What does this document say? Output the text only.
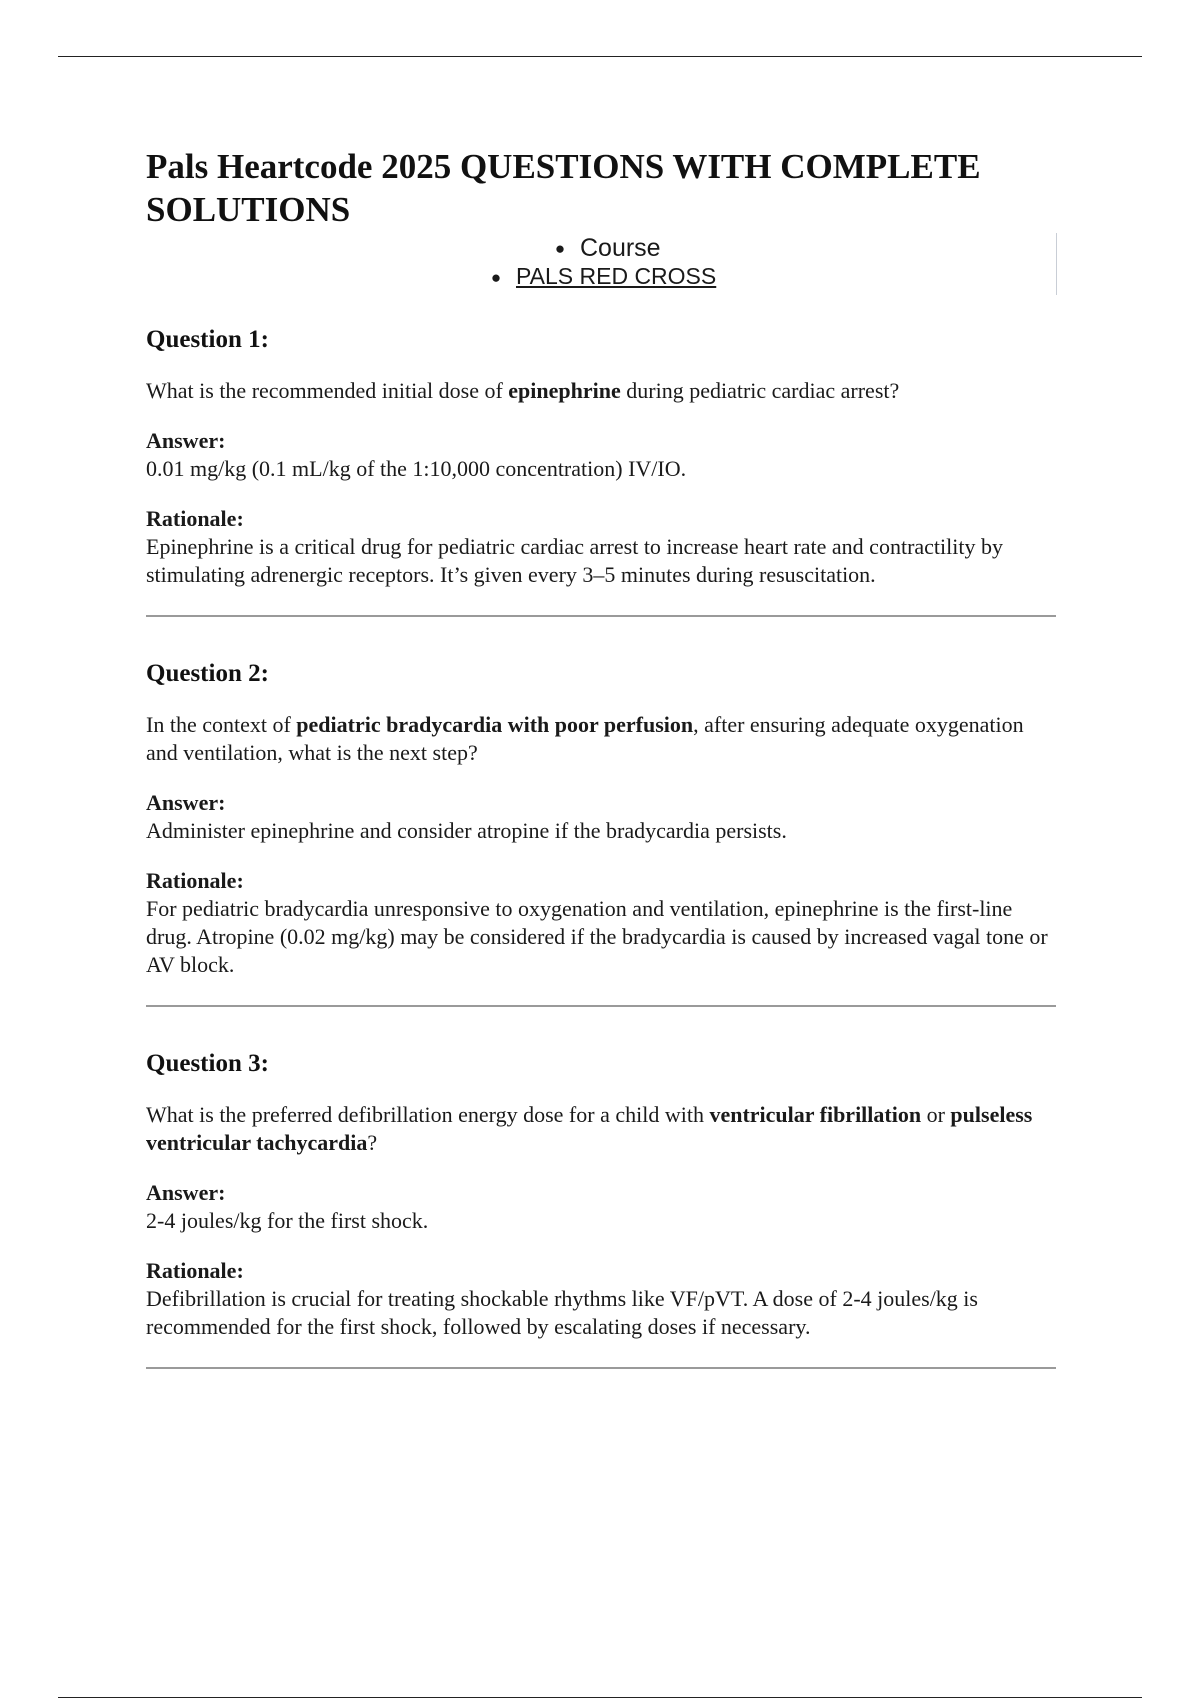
Pals Heartcode 2025 QUESTIONS WITH COMPLETE SOLUTIONS
● Course
● PALS RED CROSS
Question 1:

What is the recommended initial dose of epinephrine during pediatric cardiac arrest?

Answer:
0.01 mg/kg (0.1 mL/kg of the 1:10,000 concentration) IV/IO.

Rationale:
Epinephrine is a critical drug for pediatric cardiac arrest to increase heart rate and contractility by stimulating adrenergic receptors. It’s given every 3–5 minutes during resuscitation.

Question 2:

In the context of pediatric bradycardia with poor perfusion, after ensuring adequate oxygenation and ventilation, what is the next step?

Answer:
Administer epinephrine and consider atropine if the bradycardia persists.

Rationale:
For pediatric bradycardia unresponsive to oxygenation and ventilation, epinephrine is the first-line drug. Atropine (0.02 mg/kg) may be considered if the bradycardia is caused by increased vagal tone or AV block.

Question 3:

What is the preferred defibrillation energy dose for a child with ventricular fibrillation or pulseless ventricular tachycardia?

Answer:
2-4 joules/kg for the first shock.

Rationale:
Defibrillation is crucial for treating shockable rhythms like VF/pVT. A dose of 2-4 joules/kg is recommended for the first shock, followed by escalating doses if necessary.
